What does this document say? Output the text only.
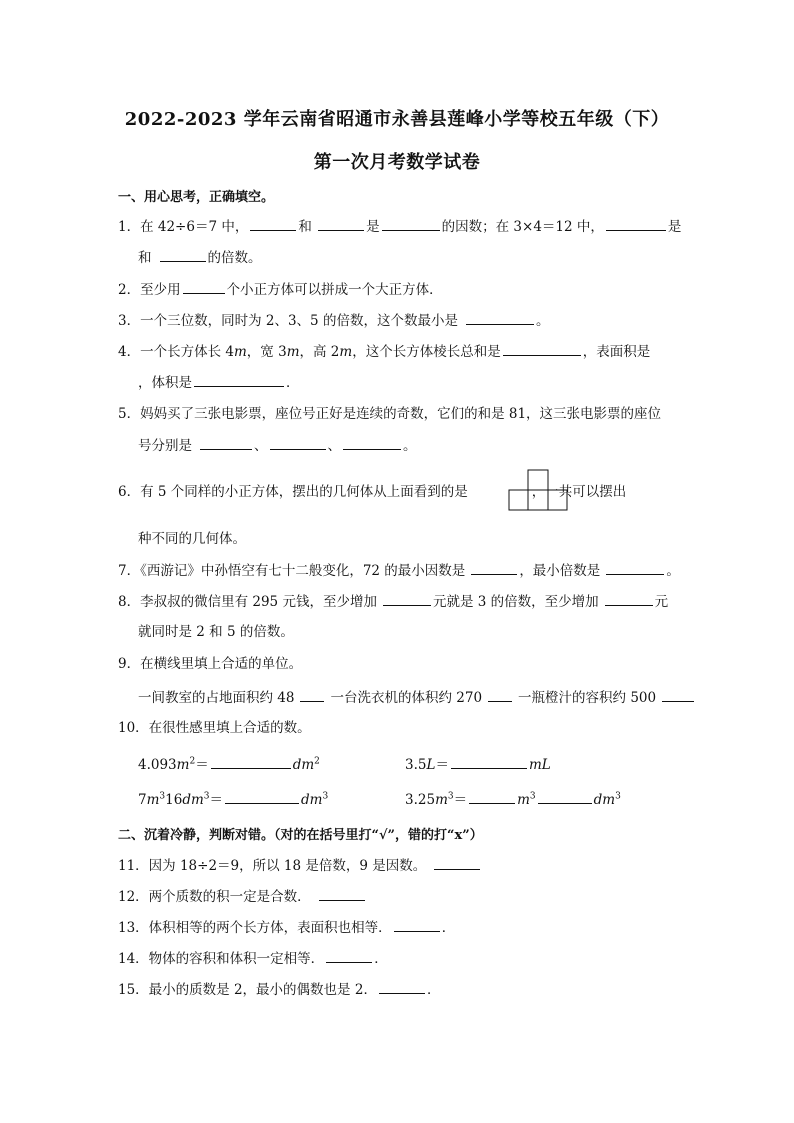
2022-2023 学年云南省昭通市永善县莲峰小学等校五年级（下）
第一次月考数学试卷
一、用心思考，正确填空。
1．在 42÷6＝7 中，	和	是	的因数；在 3×4＝12 中，	是
和	的倍数。
2．至少用	个小正方体可以拼成一个大正方体．
3．一个三位数，同时为 2、3、5 的倍数，这个数最小是	。
4．一个长方体长 4m，宽 3m，高 2m，这个长方体棱长总和是	，表面积是
，体积是	．
5．妈妈买了三张电影票，座位号正好是连续的奇数，它们的和是 81，这三张电影票的座位
号分别是	、	、	。
6．有 5 个同样的小正方体，摆出的几何体从上面看到的是	，一共可以摆出
种不同的几何体。
7．《西游记》中孙悟空有七十二般变化，72 的最小因数是	，最小倍数是	。
8．李叔叔的微信里有 295 元钱，至少增加	元就是 3 的倍数，至少增加	元
就同时是 2 和 5 的倍数。
9．在横线里填上合适的单位。
一间教室的占地面积约 48	一台洗衣机的体积约 270	一瓶橙汁的容积约 500
10．在很性感里填上合适的数。
$4.093m^2=$	$dm^2$	3.5L＝	mL
$7m^316dm^3=$	$dm^3$	$3.25m^3=$	$m^3$	$dm^3$
二、沉着冷静，判断对错。（对的在括号里打“√”，错的打“x”）
11．因为 18÷2＝9，所以 18 是倍数，9 是因数。
12．两个质数的积一定是合数．
13．体积相等的两个长方体，表面积也相等．	．
14．物体的容积和体积一定相等．	．
15．最小的质数是 2，最小的偶数也是 2．	．
